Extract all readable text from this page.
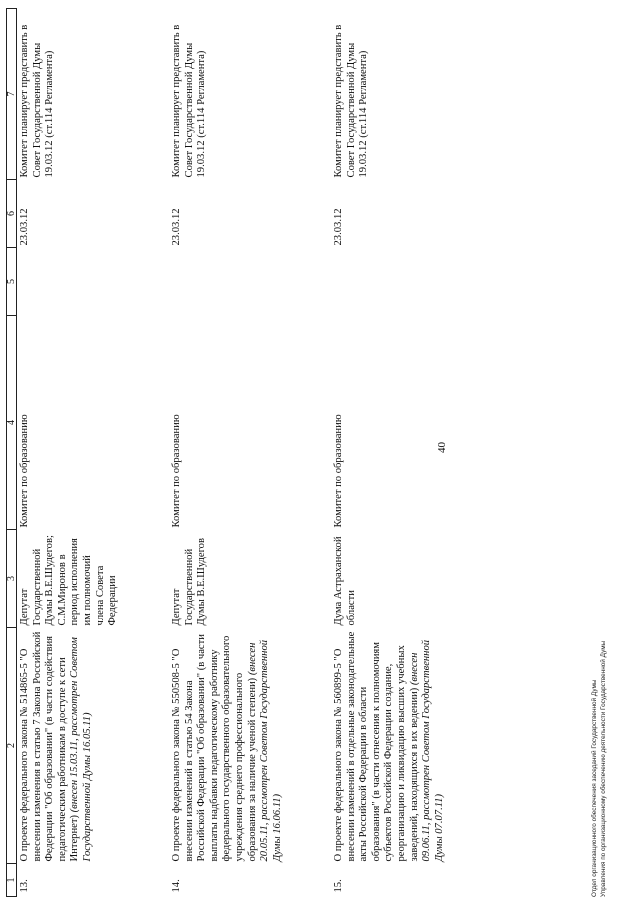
40
1	2	3	4	5	6	7
13.	О проекте федерального закона № 514865-5 "О внесении изменения в статью 7 Закона Российской Федерации "Об образовании" (в части содействия педагогическим работникам в доступе к сети Интернет) (внесен 15.03.11, рассмотрен Советом Государственной Думы 16.05.11)	Депутат Государственной Думы В.Е.Шудегов; С.М.Миронов в период исполнения им полномочий члена Совета Федерации	Комитет по образованию		23.03.12	Комитет планирует представить в Совет Государственной Думы 19.03.12 (ст.114 Регламента)
14.	О проекте федерального закона № 550508-5 "О внесении изменений в статью 54 Закона Российской Федерации "Об образовании" (в части выплаты надбавки педагогическому работнику федерального государственного образовательного учреждения среднего профессионального образования за наличие ученой степени) (внесен 20.05.11, рассмотрен Советом Государственной Думы 16.06.11)	Депутат Государственной Думы В.Е.Шудегов	Комитет по образованию		23.03.12	Комитет планирует представить в Совет Государственной Думы 19.03.12 (ст.114 Регламента)
15.	О проекте федерального закона № 560899-5 "О внесении изменений в отдельные законодательные акты Российской Федерации в области образования" (в части отнесения к полномочиям субъектов Российской Федерации создание, реорганизацию и ликвидацию высших учебных заведений, находящихся в их ведении) (внесен 09.06.11, рассмотрен Советом Государственной Думы 07.07.11)	Дума Астраханской области	Комитет по образованию		23.03.12	Комитет планирует представить в Совет Государственной Думы 19.03.12 (ст.114 Регламента)
Отдел организационного обеспечения заседаний Государственной Думы Управления по организационному обеспечению деятельности Государственной Думы
